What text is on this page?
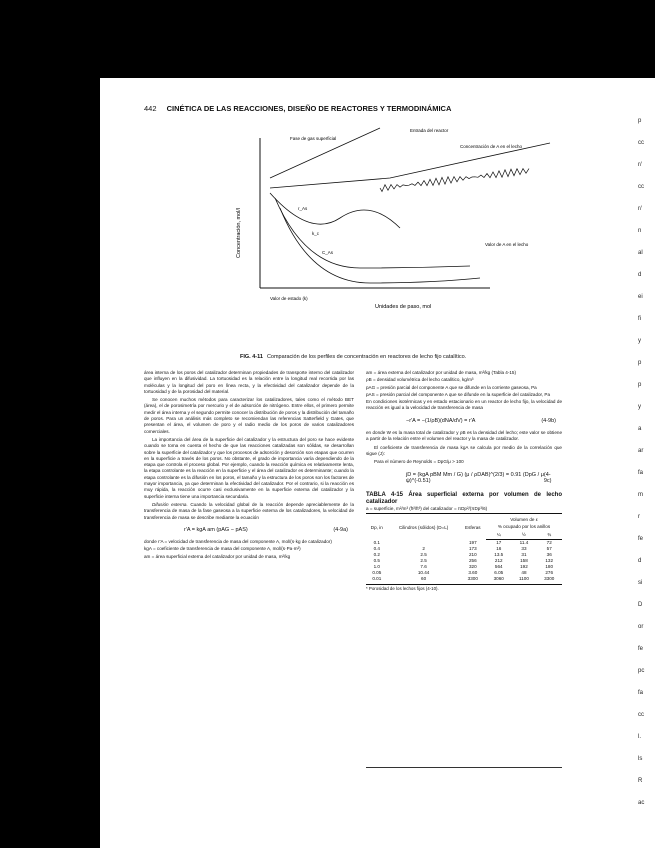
442 CINÉTICA DE LAS REACCIONES, DISEÑO DE REACTORES Y TERMODINÁMICA
p
cc
r/
cc
r/
n
al
d
ei
fi
y
p
p
y
a
ar
fa
m
r
fe
d
si
D
or
fe
pc
fa
cc
l.
ls
R
ac
Concentración, mol/l
Unidades de paso, mol
Fase de gas superficial
Entrada del reactor
Concentración de A en el lecho
r_As
k_c
C_As
Valor de A en el lecho
Valor de estado (k)
FIG. 4-11 Comparación de los perfiles de concentración en reactores de lecho fijo catalítico.

área interna de los poros del catalizador determinan propiedades de transporte interno del catalizador que influyen en la difusividad. La tortuosidad es la relación entre la longitud real recorrida por las moléculas y la longitud del poro en línea recta, y la efectividad del catalizador depende de la tortuosidad y de la porosidad del material.

Se conocen muchos métodos para caracterizar los catalizadores, tales como el método BET (área), el de porosimetría por mercurio y el de adsorción de nitrógeno. Entre ellos, el primero permite medir el área interna y el segundo permite conocer la distribución de poros y la distribución del tamaño de poros. Para un análisis más completo se recomiendan las referencias Satterfield y Gates, que presentan el área, el volumen de poro y el radio medio de los poros de varios catalizadores comerciales.

La importancia del área de la superficie del catalizador y la estructura del poro se hace evidente cuando se toma en cuenta el hecho de que las reacciones catalizadas son sólidas, se desarrollan sobre la superficie del catalizador y que los procesos de adsorción y desorción son etapas que ocurren en la superficie a través de los poros. No obstante, el grado de importancia varía dependiendo de la etapa que controla el proceso global. Por ejemplo, cuando la reacción química es relativamente lenta, la etapa controlante es la reacción en la superficie y el área del catalizador es determinante; cuando la etapa controlante es la difusión en los poros, el tamaño y la estructura de los poros son los factores de mayor importancia, ya que determinan la efectividad del catalizador. Por el contrario, si la reacción es muy rápida, la reacción ocurre casi exclusivamente en la superficie externa del catalizador y la superficie interna tiene una importancia secundaria.

Difusión externa. Cuando la velocidad global de la reacción depende apreciablemente de la transferencia de masa de la fase gaseosa a la superficie externa de los catalizadores, la velocidad de transferencia de masa se describe mediante la ecuación

r′A = kgA am (pAG − pAS)	(4-9a)
donde r′A = velocidad de transferencia de masa del componente A, mol/(s·kg de catalizador)
kgA = coeficiente de transferencia de masa del componente A, mol/(s·Pa·m²)
am = área superficial externa del catalizador por unidad de masa, m²/kg
am = área externa del catalizador por unidad de masa, m²/kg (Tabla 4-15)
ρB = densidad volumétrica del lecho catalítico, kg/m³
pAG = presión parcial del componente A que se difunde en la corriente gaseosa, Pa
pAS = presión parcial del componente A que se difunde en la superficie del catalizador, Pa

En condiciones isotérmicas y en estado estacionario en un reactor de lecho fijo, la velocidad de reacción es igual a la velocidad de transferencia de masa

−r′A = −(1/ρB)(dNA/dV) = r′A	(4-9b)

en donde W es la masa total de catalizador y ρB es la densidad del lecho; este valor se obtiene a partir de la relación entre el volumen del reactor y la masa de catalizador.

El coeficiente de transferencia de masa kgA se calcula por medio de la correlación que sigue (J):

Para el número de Reynolds = DpG/μ > 100

jD = (kgA pBM Mm / G) (μ / ρDAB)^(2/3) = 0.91 (DpG / μ ψ)^(-0.51)
(4-9c)
TABLA 4-15 Área superficial externa por volumen de lecho catalizador
a = superficie, m²/m³ (ft²/ft³) del catalizador = πDp²/(πDp³/6)
Dp, in	Cilindros (sólidos) (D=L)	Esferas	Volumen de ε
% ocupado por los anillos		
			¼	½	¾
0.1		197	17	11.4	72
0.4	2	173	16	33	57
0.2	2.5	210	13.5	31	36
0.5	2.5	256	212	158	132
1.0	7.6	320	564	192	180
0.05	10.44	3.60	6.05	48	276
0.01	60	3300	3060	1100	3300
* Porosidad de los lechos fijos (4-10).
